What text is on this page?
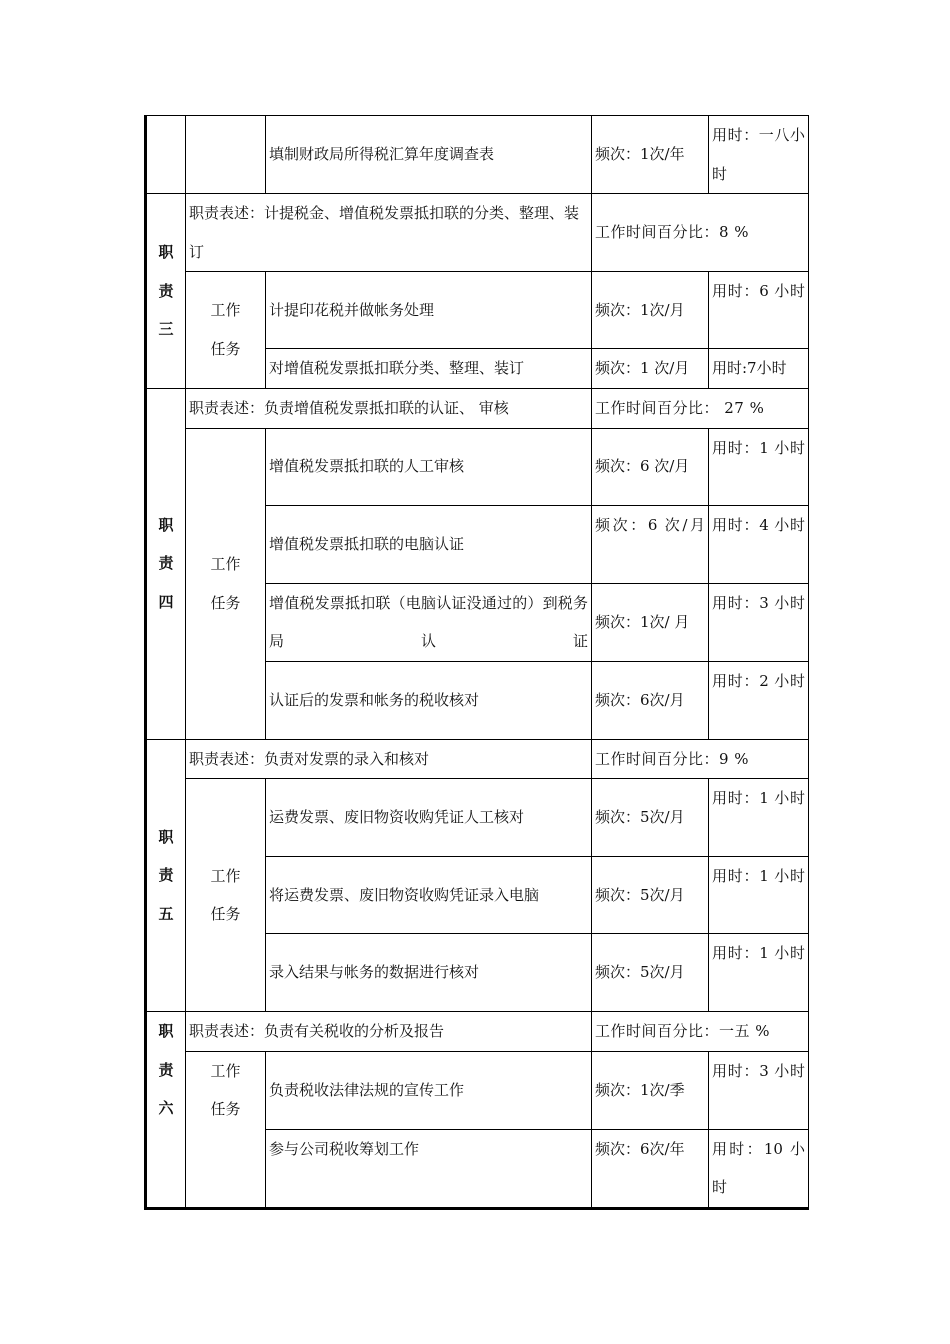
		填制财政局所得税汇算年度调查表	频次：1次/年	用时：一八小时

职
责
三	职责表述：计提税金、增值税发票抵扣联的分类、整理、装订		工作时间百分比：8 %	

	工作
任务	计提印花税并做帐务处理	频次：1次/月	用时：6 小时
		对增值税发票抵扣联分类、整理、装订	频次：1 次/月	用时:7小时

职
责
四	职责表述：负责增值税发票抵扣联的认证、 审核		工作时间百分比： 27 %	

	工作
任务	增值税发票抵扣联的人工审核	频次：6 次/月	用时：1 小时
		增值税发票抵扣联的电脑认证	频次：6 次/月	用时：4 小时
		增值税发票抵扣联（电脑认证没通过的）到税务局认证	频次：1次/ 月	用时：3 小时
		认证后的发票和帐务的税收核对	频次：6次/月	用时：2 小时

职
责
五	职责表述：负责对发票的录入和核对		工作时间百分比：9 %	

	工作
任务	运费发票、废旧物资收购凭证人工核对	频次：5次/月	用时：1 小时
		将运费发票、废旧物资收购凭证录入电脑	频次：5次/月	用时：1 小时
		录入结果与帐务的数据进行核对	频次：5次/月	用时：1 小时

职
责
六	职责表述：负责有关税收的分析及报告		工作时间百分比：一五 %	

	工作
任务	负责税收法律法规的宣传工作	频次：1次/季	用时：3 小时
		参与公司税收筹划工作	频次：6次/年	用时：10 小时
